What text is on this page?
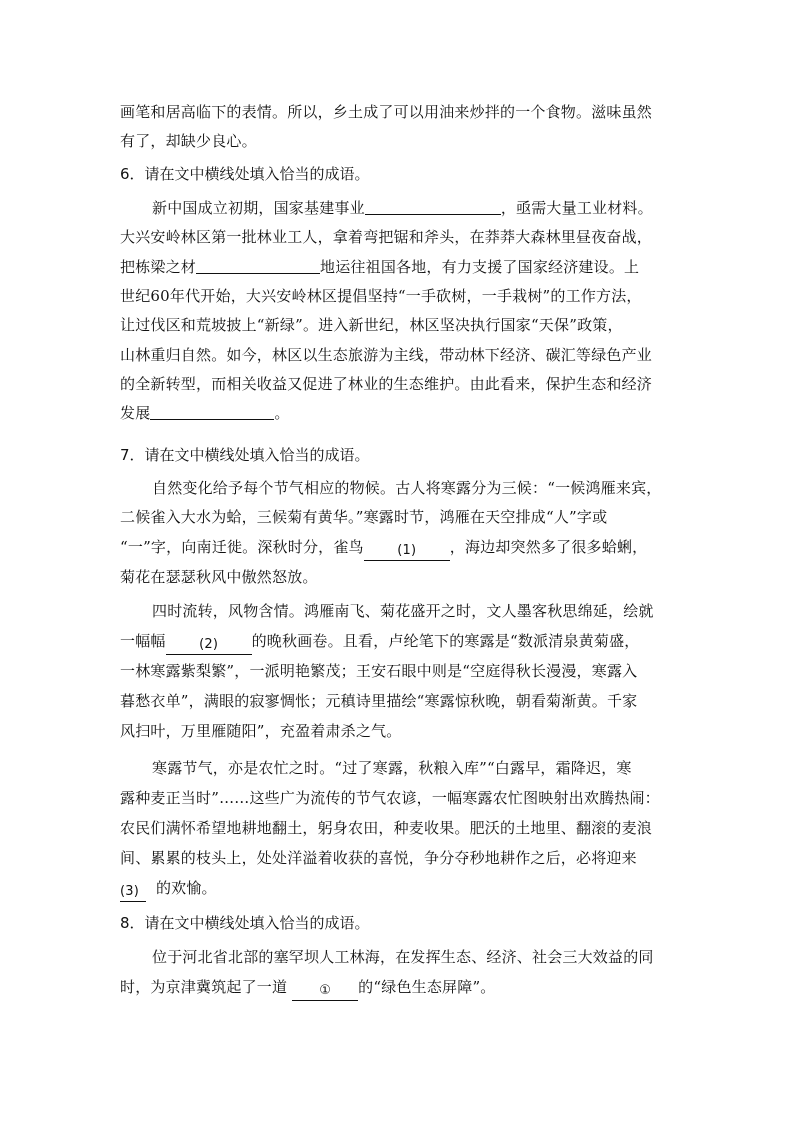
画笔和居高临下的表情。所以，乡土成了可以用油来炒拌的一个食物。滋味虽然
有了，却缺少良心。
6．请在文中横线处填入恰当的成语。
新中国成立初期，国家基建事业	，亟需大量工业材料。
大兴安岭林区第一批林业工人，拿着弯把锯和斧头，在莽莽大森林里昼夜奋战，
把栋梁之材	地运往祖国各地，有力支援了国家经济建设。上
世纪60年代开始，大兴安岭林区提倡坚持“一手砍树，一手栽树”的工作方法，
让过伐区和荒坡披上“新绿”。进入新世纪，林区坚决执行国家“天保”政策，
山林重归自然。如今，林区以生态旅游为主线，带动林下经济、碳汇等绿色产业
的全新转型，而相关收益又促进了林业的生态维护。由此看来，保护生态和经济
发展	。
7．请在文中横线处填入恰当的成语。
自然变化给予每个节气相应的物候。古人将寒露分为三候：“一候鸿雁来宾，
二候雀入大水为蛤，三候菊有黄华。”寒露时节，鸿雁在天空排成“人”字或
“一”字，向南迁徙。深秋时分，雀鸟	(1) ，海边却突然多了很多蛤蜊，
菊花在瑟瑟秋风中傲然怒放。
四时流转，风物含情。鸿雁南飞、菊花盛开之时，文人墨客秋思绵延，绘就
一幅幅	(2) 的晚秋画卷。且看，卢纶笔下的寒露是“数派清泉黄菊盛，
一林寒露紫梨繁”，一派明艳繁茂；王安石眼中则是“空庭得秋长漫漫，寒露入
暮愁衣单”，满眼的寂寥惆怅；元稹诗里描绘“寒露惊秋晚，朝看菊渐黄。千家
风扫叶，万里雁随阳”，充盈着肃杀之气。
寒露节气，亦是农忙之时。“过了寒露，秋粮入库”“白露早，霜降迟，寒
露种麦正当时”……这些广为流传的节气农谚，一幅寒露农忙图映射出欢腾热闹：
农民们满怀希望地耕地翻土，躬身农田，种麦收果。肥沃的土地里、翻滚的麦浪
间、累累的枝头上，处处洋溢着收获的喜悦，争分夺秒地耕作之后，必将迎来
(3) 的欢愉。
8．请在文中横线处填入恰当的成语。
位于河北省北部的塞罕坝人工林海，在发挥生态、经济、社会三大效益的同
时，为京津冀筑起了一道 ① 的“绿色生态屏障”。
